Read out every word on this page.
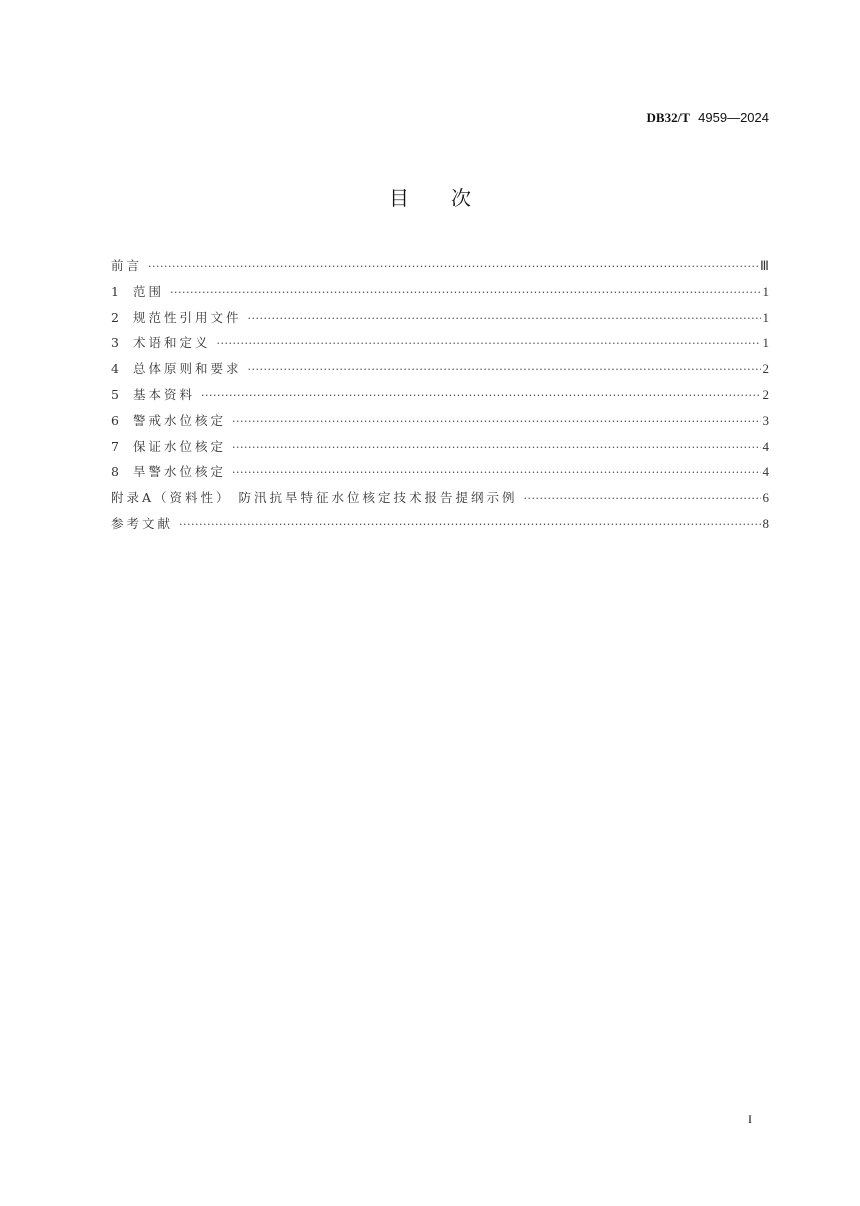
DB32/T 4959—2024
目次
前言 ·····	Ⅲ
1	范围 ·····	1
2	规范性引用文件 ·····	1
3	术语和定义 ·····	1
4	总体原则和要求 ·····	2
5	基本资料 ·····	2
6	警戒水位核定 ·····	3
7	保证水位核定 ·····	4
8	旱警水位核定 ·····	4
附录A（资料性） 防汛抗旱特征水位核定技术报告提纲示例 ·····	6
参考文献 ·····	8
I
